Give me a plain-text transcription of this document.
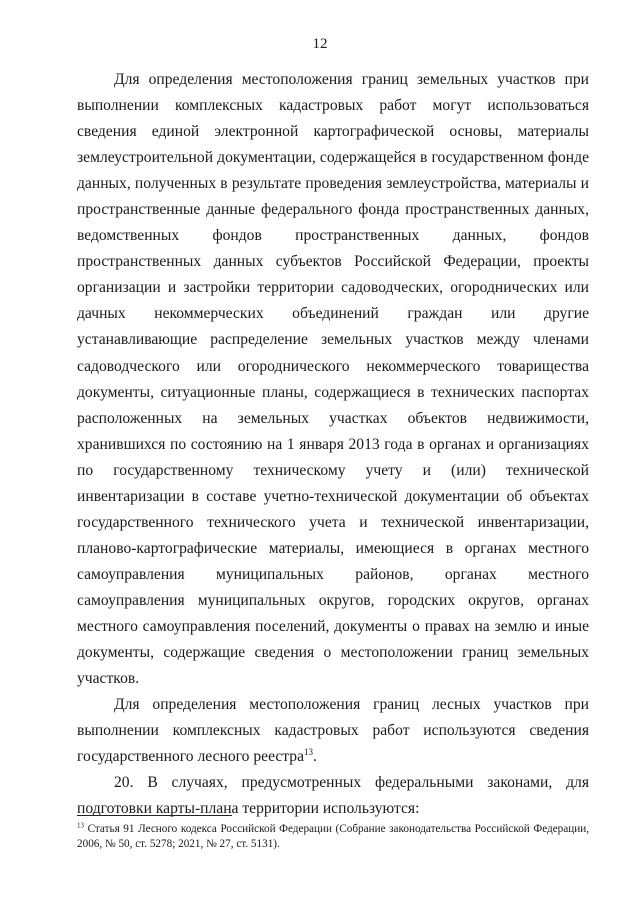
12

Для определения местоположения границ земельных участков при выполнении комплексных кадастровых работ могут использоваться сведения единой электронной картографической основы, материалы землеустроительной документации, содержащейся в государственном фонде данных, полученных в результате проведения землеустройства, материалы и пространственные данные федерального фонда пространственных данных, ведомственных фондов пространственных данных, фондов пространственных данных субъектов Российской Федерации, проекты организации и застройки территории садоводческих, огороднических или дачных некоммерческих объединений граждан или другие устанавливающие распределение земельных участков между членами садоводческого или огороднического некоммерческого товарищества документы, ситуационные планы, содержащиеся в технических паспортах расположенных на земельных участках объектов недвижимости, хранившихся по состоянию на 1 января 2013 года в органах и организациях по государственному техническому учету и (или) технической инвентаризации в составе учетно-технической документации об объектах государственного технического учета и технической инвентаризации, планово-картографические материалы, имеющиеся в органах местного самоуправления муниципальных районов, органах местного самоуправления муниципальных округов, городских округов, органах местного самоуправления поселений, документы о правах на землю и иные документы, содержащие сведения о местоположении границ земельных участков.

Для определения местоположения границ лесных участков при выполнении комплексных кадастровых работ используются сведения государственного лесного реестра$^{13}$.

20. В случаях, предусмотренных федеральными законами, для подготовки карты-плана территории используются:

$^{13}$ Статья 91 Лесного кодекса Российской Федерации (Собрание законодательства Российской Федерации, 2006, № 50, ст. 5278; 2021, № 27, ст. 5131).
